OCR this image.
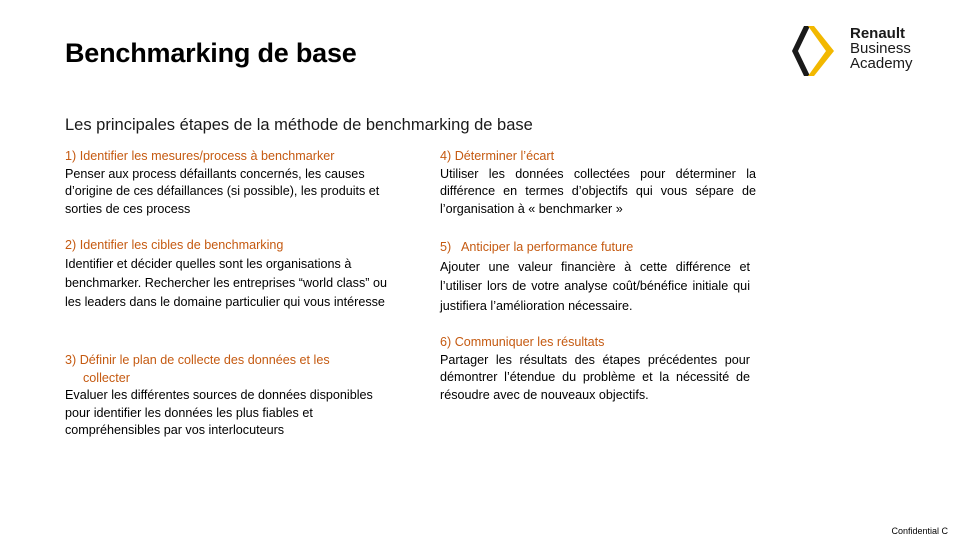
Benchmarking de base
Renault
Business
Academy
Les principales étapes de la méthode de benchmarking de base
1) Identifier les mesures/process à benchmarker
Penser aux process défaillants concernés, les causes d’origine de ces défaillances (si possible), les produits et sorties de ces process
2) Identifier les cibles de benchmarking
Identifier et décider quelles sont les organisations à benchmarker. Rechercher les entreprises “world class” ou les leaders dans le domaine particulier qui vous intéresse
3) Définir le plan de collecte des données et les
collecter
Evaluer les différentes sources de données disponibles pour identifier les données les plus fiables et compréhensibles par vos interlocuteurs
4) Déterminer l’écart
Utiliser les données collectées pour déterminer la différence en termes d’objectifs qui vous sépare de l’organisation à « benchmarker »
5)   Anticiper la performance future
Ajouter une valeur financière à cette différence et l’utiliser lors de votre analyse coût/bénéfice initiale qui justifiera l’amélioration nécessaire.
6) Communiquer les résultats
Partager les résultats des étapes précédentes pour démontrer l’étendue du problème et la nécessité de résoudre avec de nouveaux objectifs.
Confidential C
